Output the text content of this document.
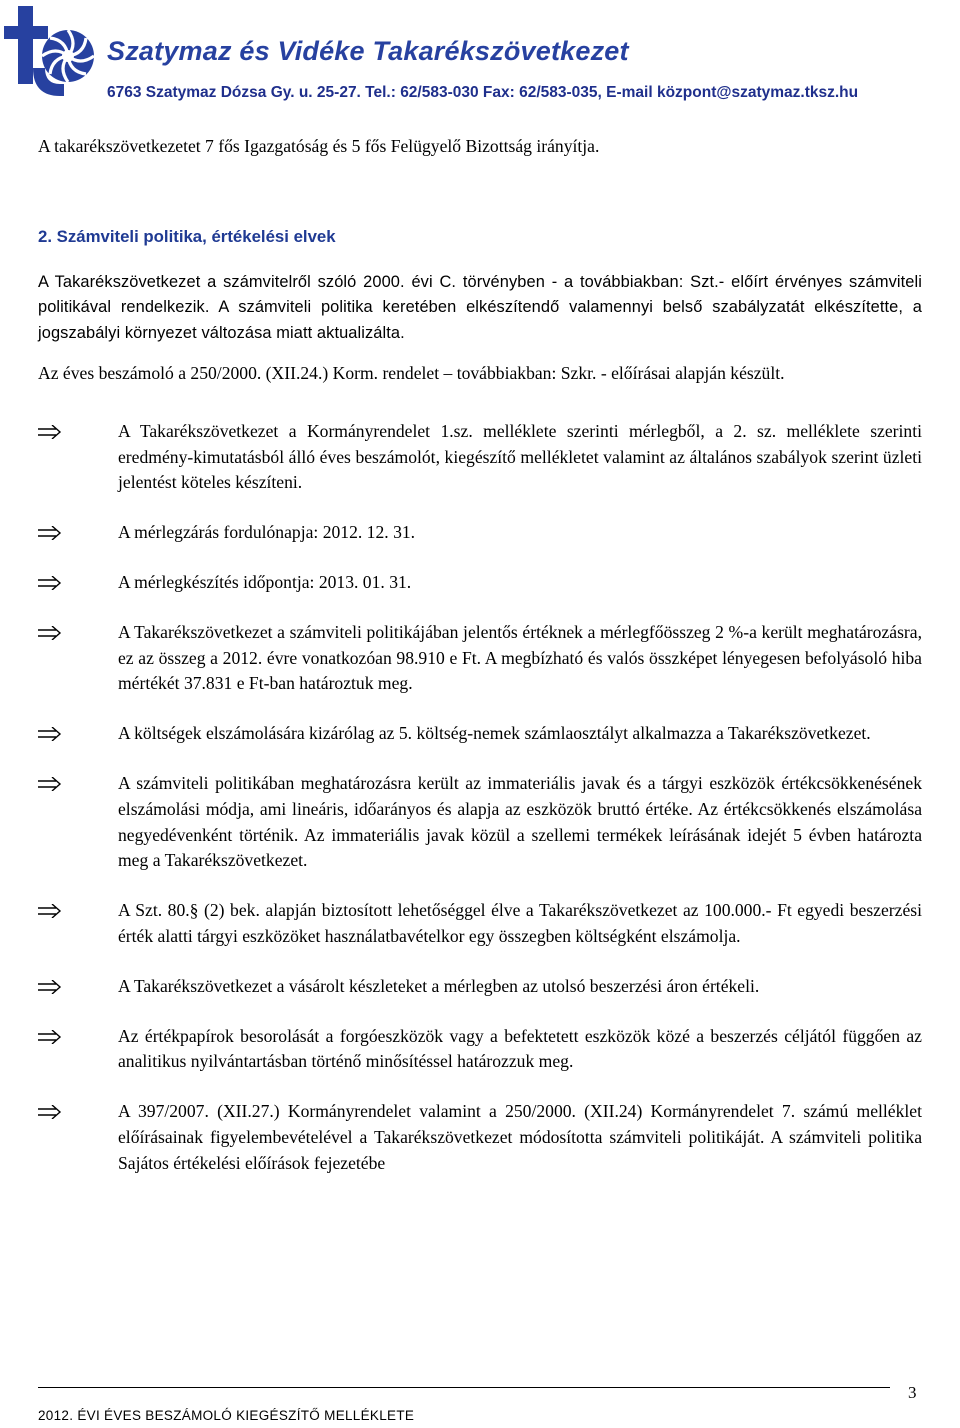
Szatymaz és Vidéke Takarékszövetkezet
6763 Szatymaz Dózsa Gy. u. 25-27. Tel.: 62/583-030 Fax: 62/583-035, E-mail központ@szatymaz.tksz.hu

A takarékszövetkezetet 7 fős Igazgatóság és 5 fős Felügyelő Bizottság irányítja.

2. Számviteli politika, értékelési elvek

A Takarékszövetkezet a számvitelről szóló 2000. évi C. törvényben - a továbbiakban: Szt.- előírt érvényes számviteli politikával rendelkezik. A számviteli politika keretében elkészítendő valamennyi belső szabályzatát elkészítette, a jogszabályi környezet változása miatt aktualizálta.

Az éves beszámoló a 250/2000. (XII.24.) Korm. rendelet – továbbiakban: Szkr. - előírásai alapján készült.

A Takarékszövetkezet a Kormányrendelet 1.sz. melléklete szerinti mérlegből, a 2. sz. melléklete szerinti eredmény-kimutatásból álló éves beszámolót, kiegészítő mellékletet valamint az általános szabályok szerint üzleti jelentést köteles készíteni.

A mérlegzárás fordulónapja: 2012. 12. 31.

A mérlegkészítés időpontja: 2013. 01. 31.

A Takarékszövetkezet a számviteli politikájában jelentős értéknek a mérlegfőösszeg 2 %-a került meghatározásra, ez az összeg a 2012. évre vonatkozóan 98.910 e Ft. A megbízható és valós összképet lényegesen befolyásoló hiba mértékét 37.831 e Ft-ban határoztuk meg.

A költségek elszámolására kizárólag az 5. költség-nemek számlaosztályt alkalmazza a Takarékszövetkezet.

A számviteli politikában meghatározásra került az immateriális javak és a tárgyi eszközök értékcsökkenésének elszámolási módja, ami lineáris, időarányos és alapja az eszközök bruttó értéke. Az értékcsökkenés elszámolása negyedévenként történik. Az immateriális javak közül a szellemi termékek leírásának idejét 5 évben határozta meg a Takarékszövetkezet.

A Szt. 80.§ (2) bek. alapján biztosított lehetőséggel élve a Takarékszövetkezet az 100.000.- Ft egyedi beszerzési érték alatti tárgyi eszközöket használatbavételkor egy összegben költségként elszámolja.

A Takarékszövetkezet a vásárolt készleteket a mérlegben az utolsó beszerzési áron értékeli.

Az értékpapírok besorolását a forgóeszközök vagy a befektetett eszközök közé a beszerzés céljától függően az analitikus nyilvántartásban történő minősítéssel határozzuk meg.

A 397/2007. (XII.27.) Kormányrendelet valamint a 250/2000. (XII.24) Kormányrendelet 7. számú melléklet előírásainak figyelembevételével a Takarékszövetkezet módosította számviteli politikáját. A számviteli politika Sajátos értékelési előírások fejezetébe

2012. ÉVI ÉVES BESZÁMOLÓ KIEGÉSZÍTŐ MELLÉKLETE
3
